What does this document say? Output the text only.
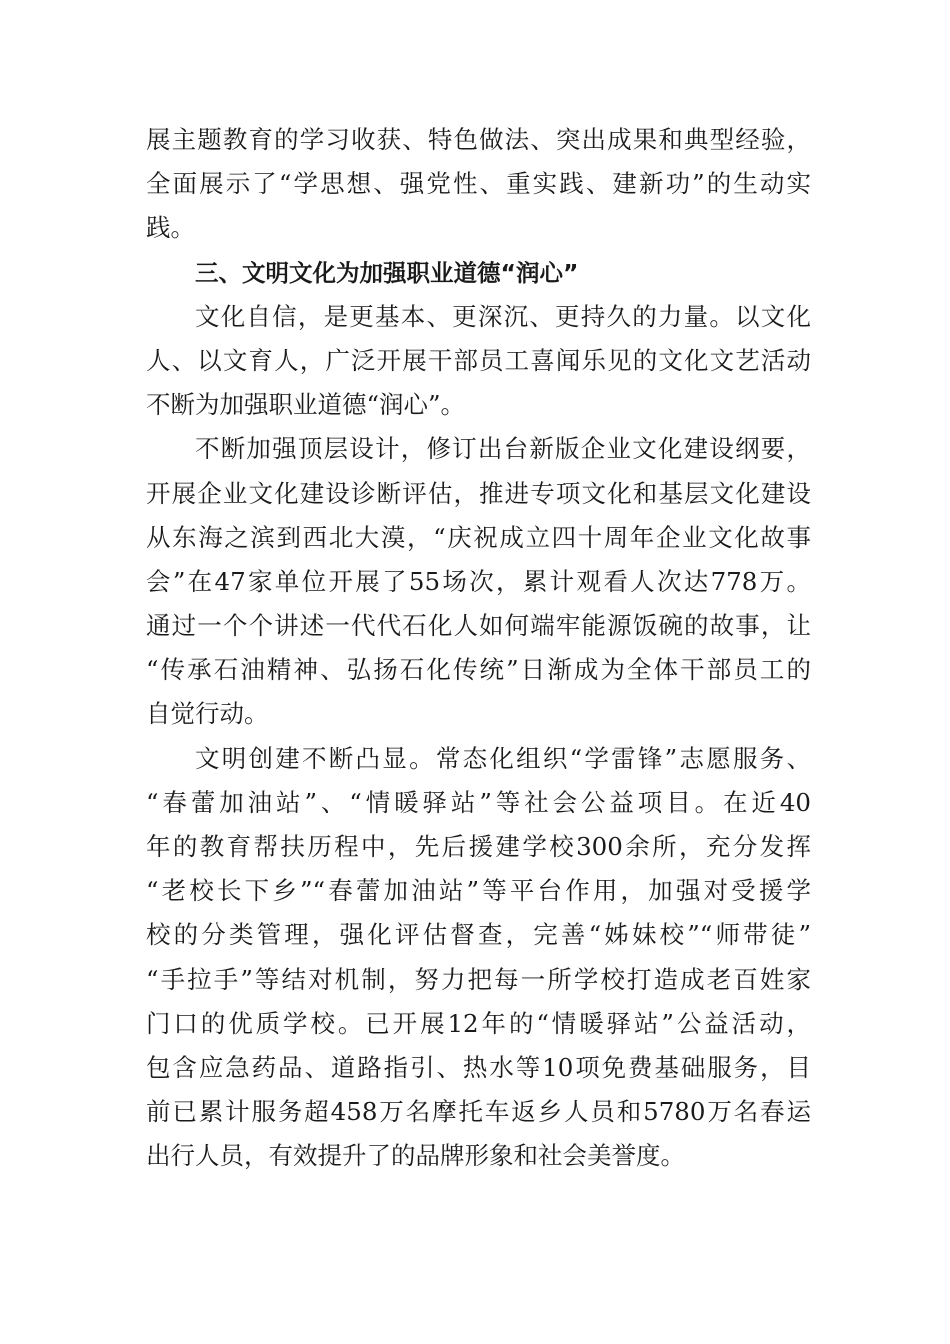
展主题教育的学习收获、特色做法、突出成果和典型经验，
全面展示了“学思想、强党性、重实践、建新功”的生动实
践。
三、文明文化为加强职业道德“润心”
文化自信，是更基本、更深沉、更持久的力量。以文化
人、以文育人，广泛开展干部员工喜闻乐见的文化文艺活动
不断为加强职业道德“润心”。
不断加强顶层设计，修订出台新版企业文化建设纲要，
开展企业文化建设诊断评估，推进专项文化和基层文化建设
从东海之滨到西北大漠，“庆祝成立四十周年企业文化故事
会”在47家单位开展了55场次，累计观看人次达778万。
通过一个个讲述一代代石化人如何端牢能源饭碗的故事，让
“传承石油精神、弘扬石化传统”日渐成为全体干部员工的
自觉行动。
文明创建不断凸显。常态化组织“学雷锋”志愿服务、
“春蕾加油站”、“情暖驿站”等社会公益项目。在近40
年的教育帮扶历程中，先后援建学校300余所，充分发挥
“老校长下乡”“春蕾加油站”等平台作用，加强对受援学
校的分类管理，强化评估督查，完善“姊妹校”“师带徒”
“手拉手”等结对机制，努力把每一所学校打造成老百姓家
门口的优质学校。已开展12年的“情暖驿站”公益活动，
包含应急药品、道路指引、热水等10项免费基础服务，目
前已累计服务超458万名摩托车返乡人员和5780万名春运
出行人员，有效提升了的品牌形象和社会美誉度。
